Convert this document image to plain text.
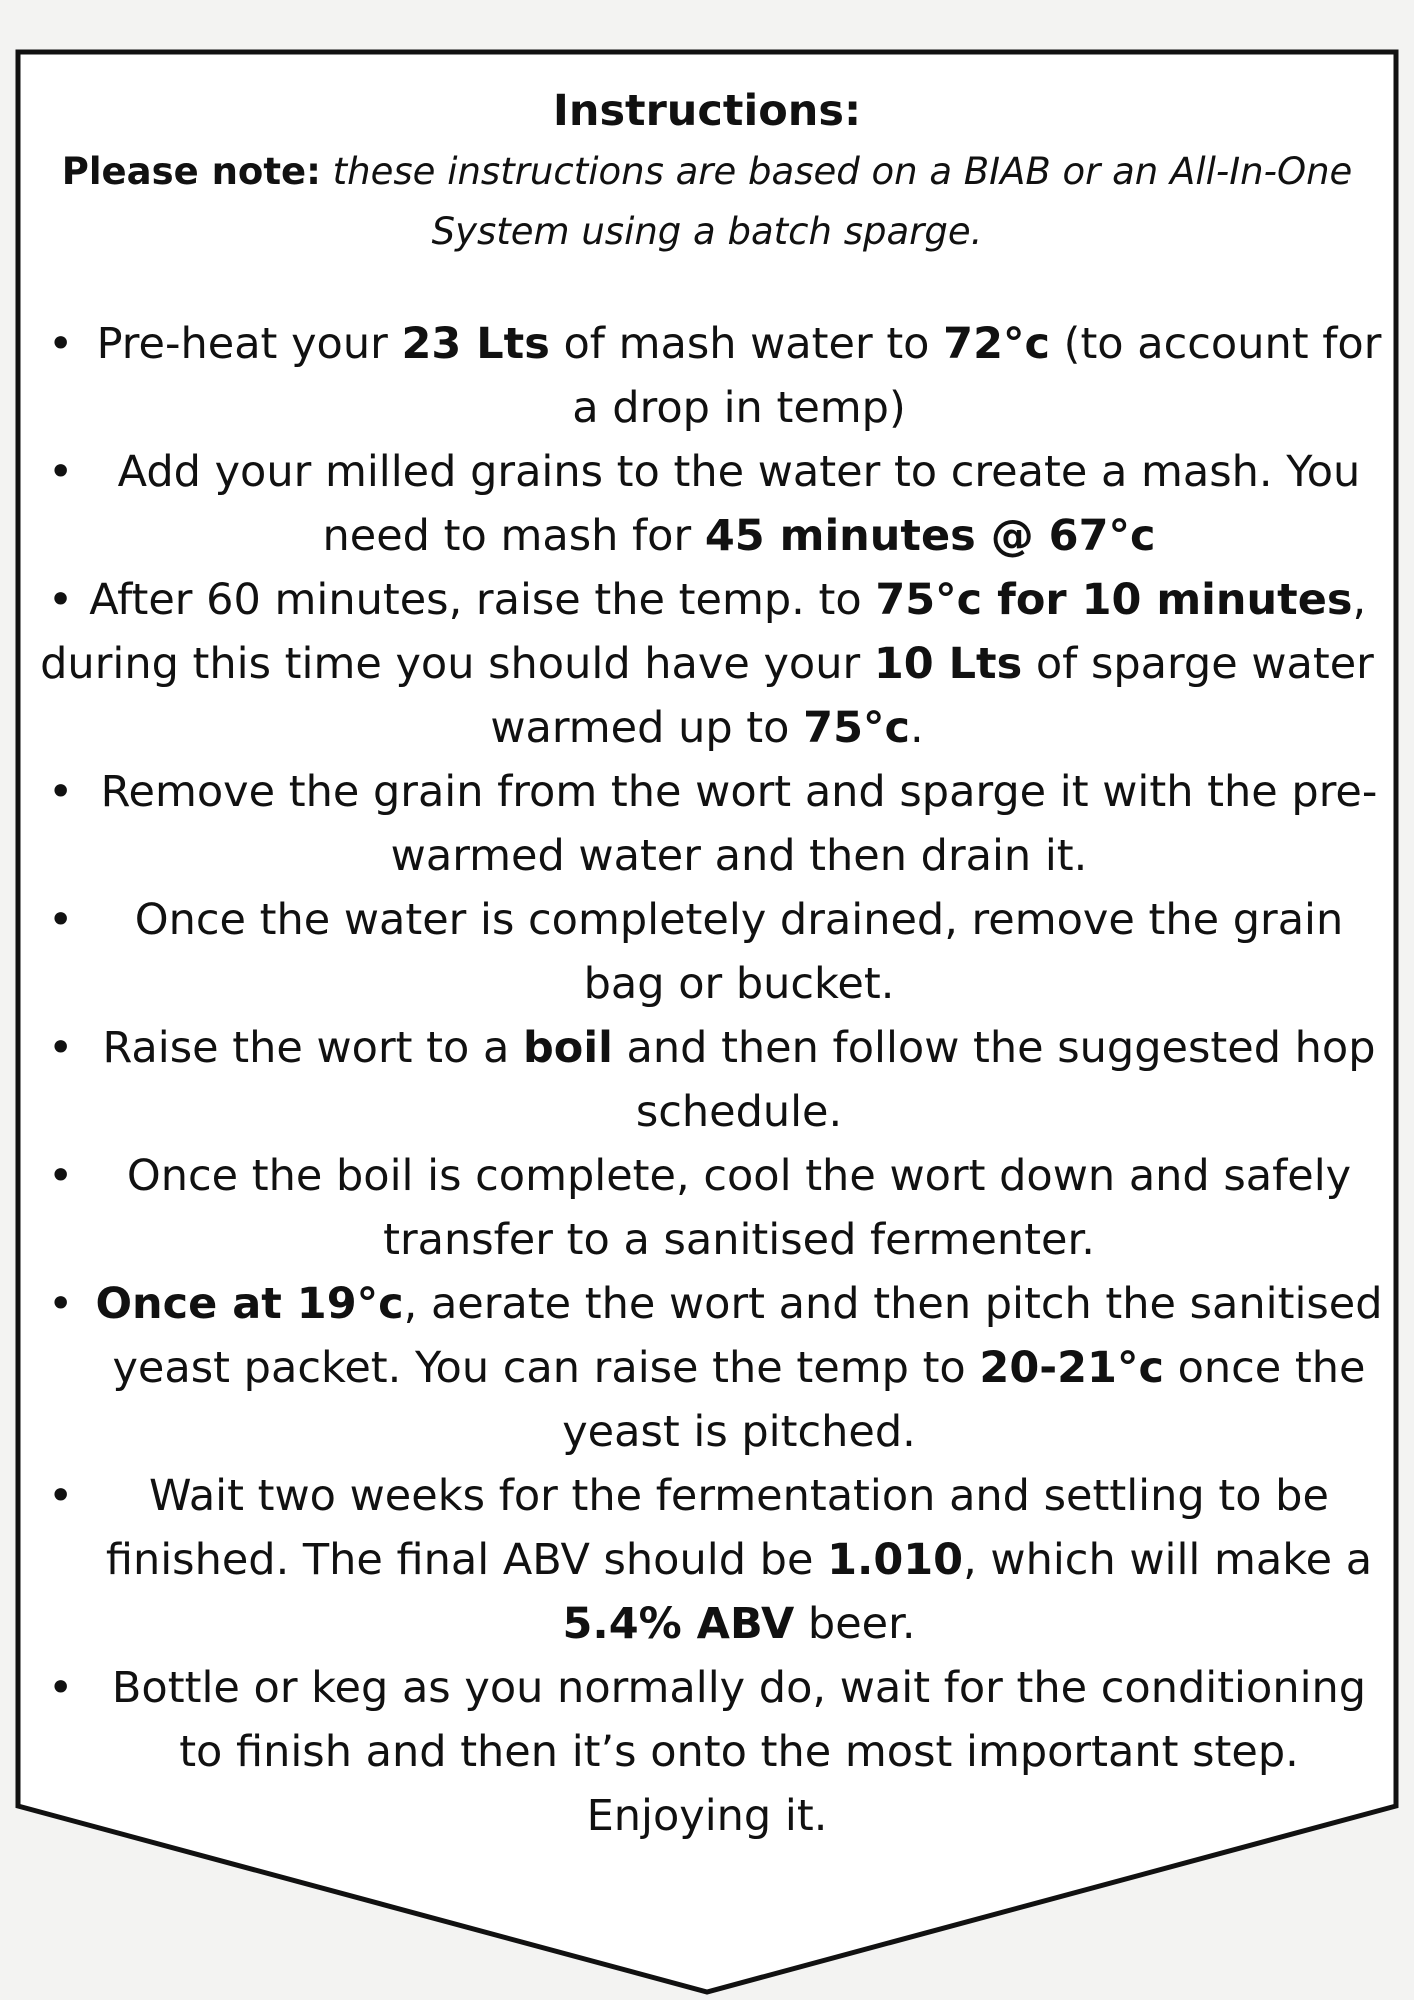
Instructions:

Please note: these instructions are based on a BIAB or an All-In-One System using a batch sparge.

• Pre-heat your 23 Lts of mash water to 72°c (to account for a drop in temp)
• Add your milled grains to the water to create a mash. You need to mash for 45 minutes @ 67°c
• After 60 minutes, raise the temp. to 75°c for 10 minutes, during this time you should have your 10 Lts of sparge water warmed up to 75°c.
• Remove the grain from the wort and sparge it with the pre-warmed water and then drain it.
• Once the water is completely drained, remove the grain bag or bucket.
• Raise the wort to a boil and then follow the suggested hop schedule.
• Once the boil is complete, cool the wort down and safely transfer to a sanitised fermenter.
• Once at 19°c, aerate the wort and then pitch the sanitised yeast packet. You can raise the temp to 20-21°c once the yeast is pitched.
• Wait two weeks for the fermentation and settling to be finished. The final ABV should be 1.010, which will make a 5.4% ABV beer.
• Bottle or keg as you normally do, wait for the conditioning to finish and then it’s onto the most important step.

Enjoying it.
